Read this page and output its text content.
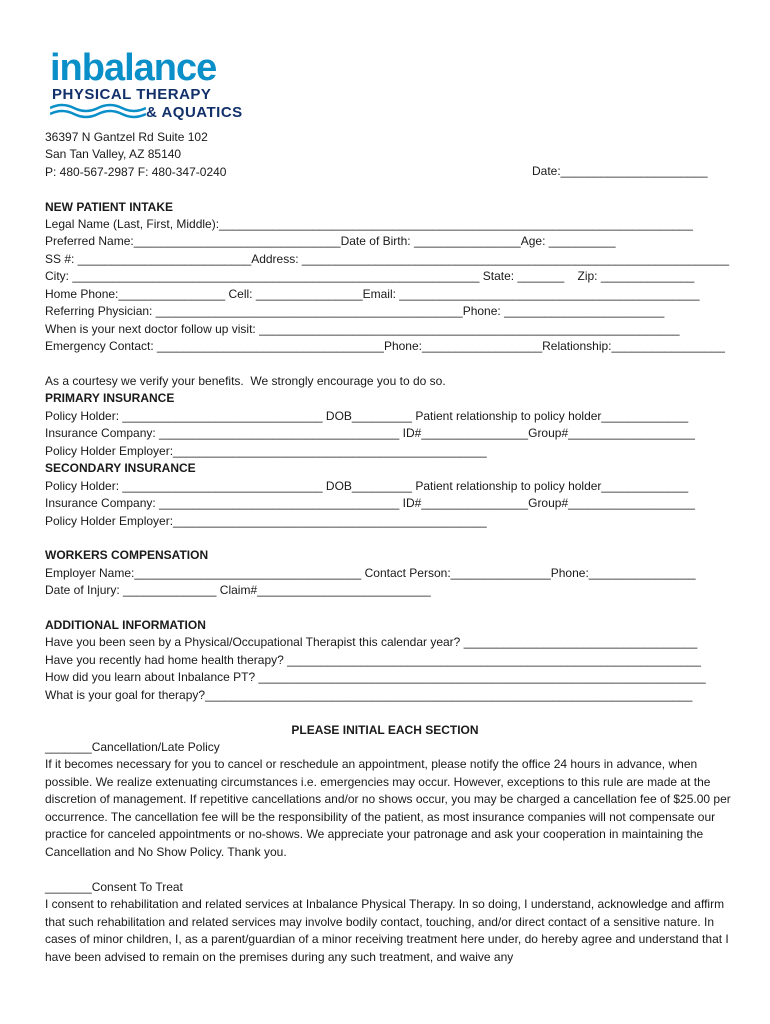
inbalance
PHYSICAL THERAPY
& AQUATICS
36397 N Gantzel Rd Suite 102
San Tan Valley, AZ 85140
P: 480-567-2987 F: 480-347-0240	Date:______________________
NEW PATIENT INTAKE
Legal Name (Last, First, Middle):_______________________________________________________________________
Preferred Name:_______________________________Date of Birth: ________________Age: __________
SS #: __________________________Address: ________________________________________________________________
City: _____________________________________________________________ State: _______    Zip: ______________
Home Phone:________________ Cell: ________________Email: _____________________________________________
Referring Physician: ______________________________________________Phone: ________________________
When is your next doctor follow up visit: _______________________________________________________________
Emergency Contact: __________________________________Phone:__________________Relationship:_________________
As a courtesy we verify your benefits.  We strongly encourage you to do so.
PRIMARY INSURANCE
Policy Holder: ______________________________ DOB_________ Patient relationship to policy holder_____________
Insurance Company: ____________________________________ ID#________________Group#___________________
Policy Holder Employer:_______________________________________________
SECONDARY INSURANCE
Policy Holder: ______________________________ DOB_________ Patient relationship to policy holder_____________
Insurance Company: ____________________________________ ID#________________Group#___________________
Policy Holder Employer:_______________________________________________
WORKERS COMPENSATION
Employer Name:__________________________________ Contact Person:_______________Phone:________________
Date of Injury: ______________ Claim#__________________________
ADDITIONAL INFORMATION
Have you been seen by a Physical/Occupational Therapist this calendar year? ___________________________________
Have you recently had home health therapy? ______________________________________________________________
How did you learn about Inbalance PT? ___________________________________________________________________
What is your goal for therapy?_________________________________________________________________________
PLEASE INITIAL EACH SECTION
_______Cancellation/Late Policy
If it becomes necessary for you to cancel or reschedule an appointment, please notify the office 24 hours in advance, when possible. We realize extenuating circumstances i.e. emergencies may occur. However, exceptions to this rule are made at the discretion of management. If repetitive cancellations and/or no shows occur, you may be charged a cancellation fee of $25.00 per occurrence. The cancellation fee will be the responsibility of the patient, as most insurance companies will not compensate our practice for canceled appointments or no-shows. We appreciate your patronage and ask your cooperation in maintaining the Cancellation and No Show Policy. Thank you.
_______Consent To Treat
I consent to rehabilitation and related services at Inbalance Physical Therapy. In so doing, I understand, acknowledge and affirm that such rehabilitation and related services may involve bodily contact, touching, and/or direct contact of a sensitive nature. In cases of minor children, I, as a parent/guardian of a minor receiving treatment here under, do hereby agree and understand that I have been advised to remain on the premises during any such treatment, and waive any
